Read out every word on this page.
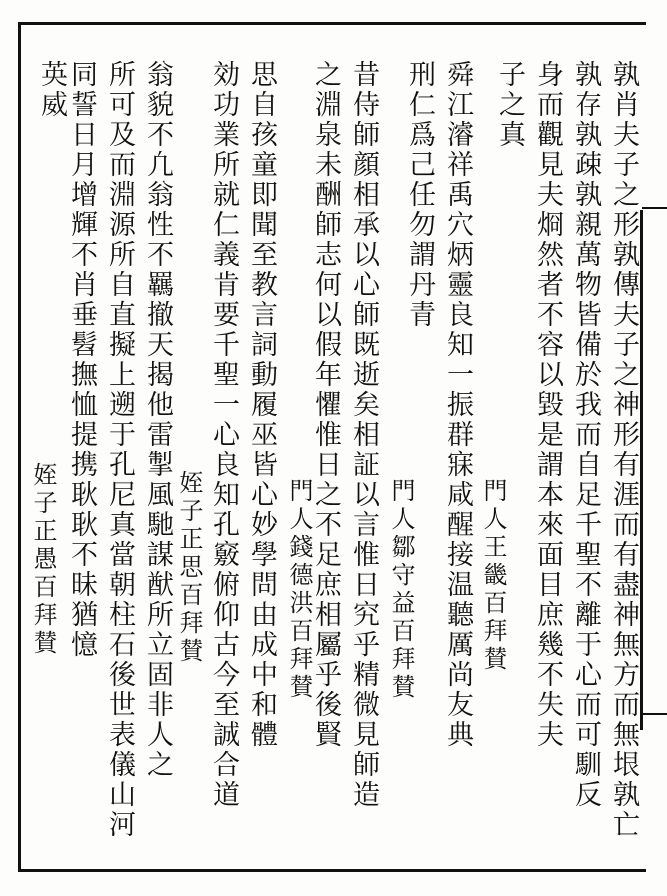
孰肖夫子之形孰傳夫子之神形有涯而有盡神無方而無垠孰亡
孰存孰疎孰親萬物皆備於我而自足千聖不離于心而可馴反
身而觀見夫烱然者不容以毀是謂本來面目庶幾不失夫
子之真
門人王畿百拜賛
舜江濬祥禹穴炳靈良知一振群寐咸醒接温聽厲尚友典
刑仁爲己任勿謂丹青
門人鄒守益百拜賛
昔侍師顔相承以心師既逝矣相証以言惟日究乎精微見師造
之淵泉未酬師志何以假年懼惟日之不足庶相屬乎後賢
門人錢德洪百拜賛
思自孩童即聞至教言詞動履巫皆心妙學問由成中和體
効功業所就仁義肯要千聖一心良知孔竅俯仰古今至誠合道
姪子正思百拜賛
翁貌不凢翁性不羈撤天揭他雷掣風馳謀猷所立固非人之
所可及而淵源所自直擬上遡于孔尼真當朝柱石後世表儀山河
同誓日月增輝不肖垂髫撫恤提携耿耿不昧猶憶
英威
姪子正愚百拜賛
